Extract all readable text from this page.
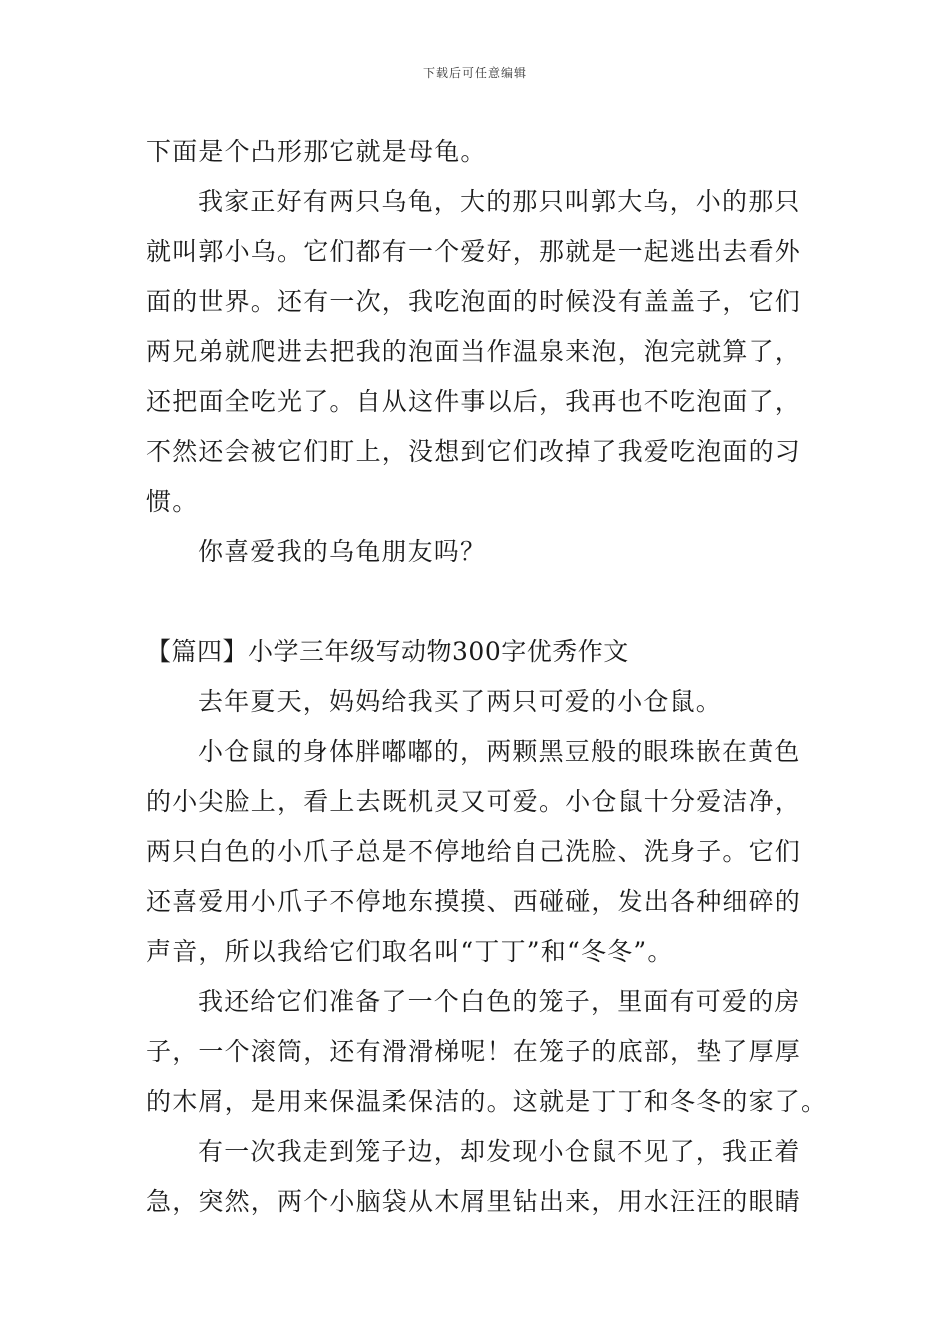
下载后可任意编辑
下面是个凸形那它就是母龟。
我家正好有两只乌龟，大的那只叫郭大乌，小的那只
就叫郭小乌。它们都有一个爱好，那就是一起逃出去看外
面的世界。还有一次，我吃泡面的时候没有盖盖子，它们
两兄弟就爬进去把我的泡面当作温泉来泡，泡完就算了，
还把面全吃光了。自从这件事以后，我再也不吃泡面了，
不然还会被它们盯上，没想到它们改掉了我爱吃泡面的习
惯。
你喜爱我的乌龟朋友吗？
【篇四】小学三年级写动物300字优秀作文
去年夏天，妈妈给我买了两只可爱的小仓鼠。
小仓鼠的身体胖嘟嘟的，两颗黑豆般的眼珠嵌在黄色
的小尖脸上，看上去既机灵又可爱。小仓鼠十分爱洁净，
两只白色的小爪子总是不停地给自己洗脸、洗身子。它们
还喜爱用小爪子不停地东摸摸、西碰碰，发出各种细碎的
声音，所以我给它们取名叫“丁丁”和“冬冬”。
我还给它们准备了一个白色的笼子，里面有可爱的房
子，一个滚筒，还有滑滑梯呢！在笼子的底部，垫了厚厚
的木屑，是用来保温柔保洁的。这就是丁丁和冬冬的家了。
有一次我走到笼子边，却发现小仓鼠不见了，我正着
急，突然，两个小脑袋从木屑里钻出来，用水汪汪的眼睛
